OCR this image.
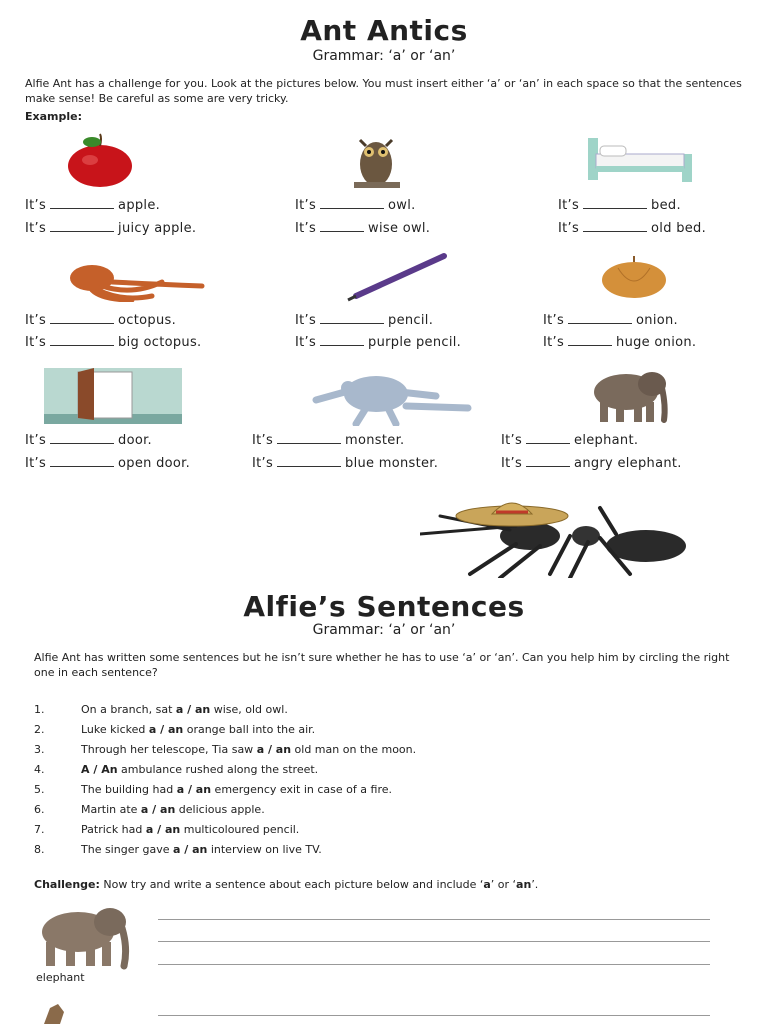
Ant Antics
Grammar: ‘a’ or ‘an’
Alfie Ant has a challenge for you. Look at the pictures below. You must insert either ‘a’ or ‘an’ in each space so that the sentences make sense! Be careful as some are very tricky.
Example:
It’s	apple.
It’s	juicy apple.
It’s	owl.
It’s	wise owl.
It’s	bed.
It’s	old bed.
It’s	octopus.
It’s	big octopus.
It’s	pencil.
It’s	purple pencil.
It’s	onion.
It’s	huge onion.
It’s	door.
It’s	open door.
It’s	monster.
It’s	blue monster.
It’s	elephant.
It’s	angry elephant.
Alfie’s Sentences
Grammar: ‘a’ or ‘an’
Alfie Ant has written some sentences but he isn’t sure whether he has to use ‘a’ or ‘an’. Can you help him by circling the right one in each sentence?
1.	On a branch, sat a / an wise, old owl.
2.	Luke kicked a / an orange ball into the air.
3.	Through her telescope, Tia saw a / an old man on the moon.
4.	A / An ambulance rushed along the street.
5.	The building had a / an emergency exit in case of a fire.
6.	Martin ate a / an delicious apple.
7.	Patrick had a / an multicoloured pencil.
8.	The singer gave a / an interview on live TV.
Challenge: Now try and write a sentence about each picture below and include ‘a’ or ‘an’.
elephant
